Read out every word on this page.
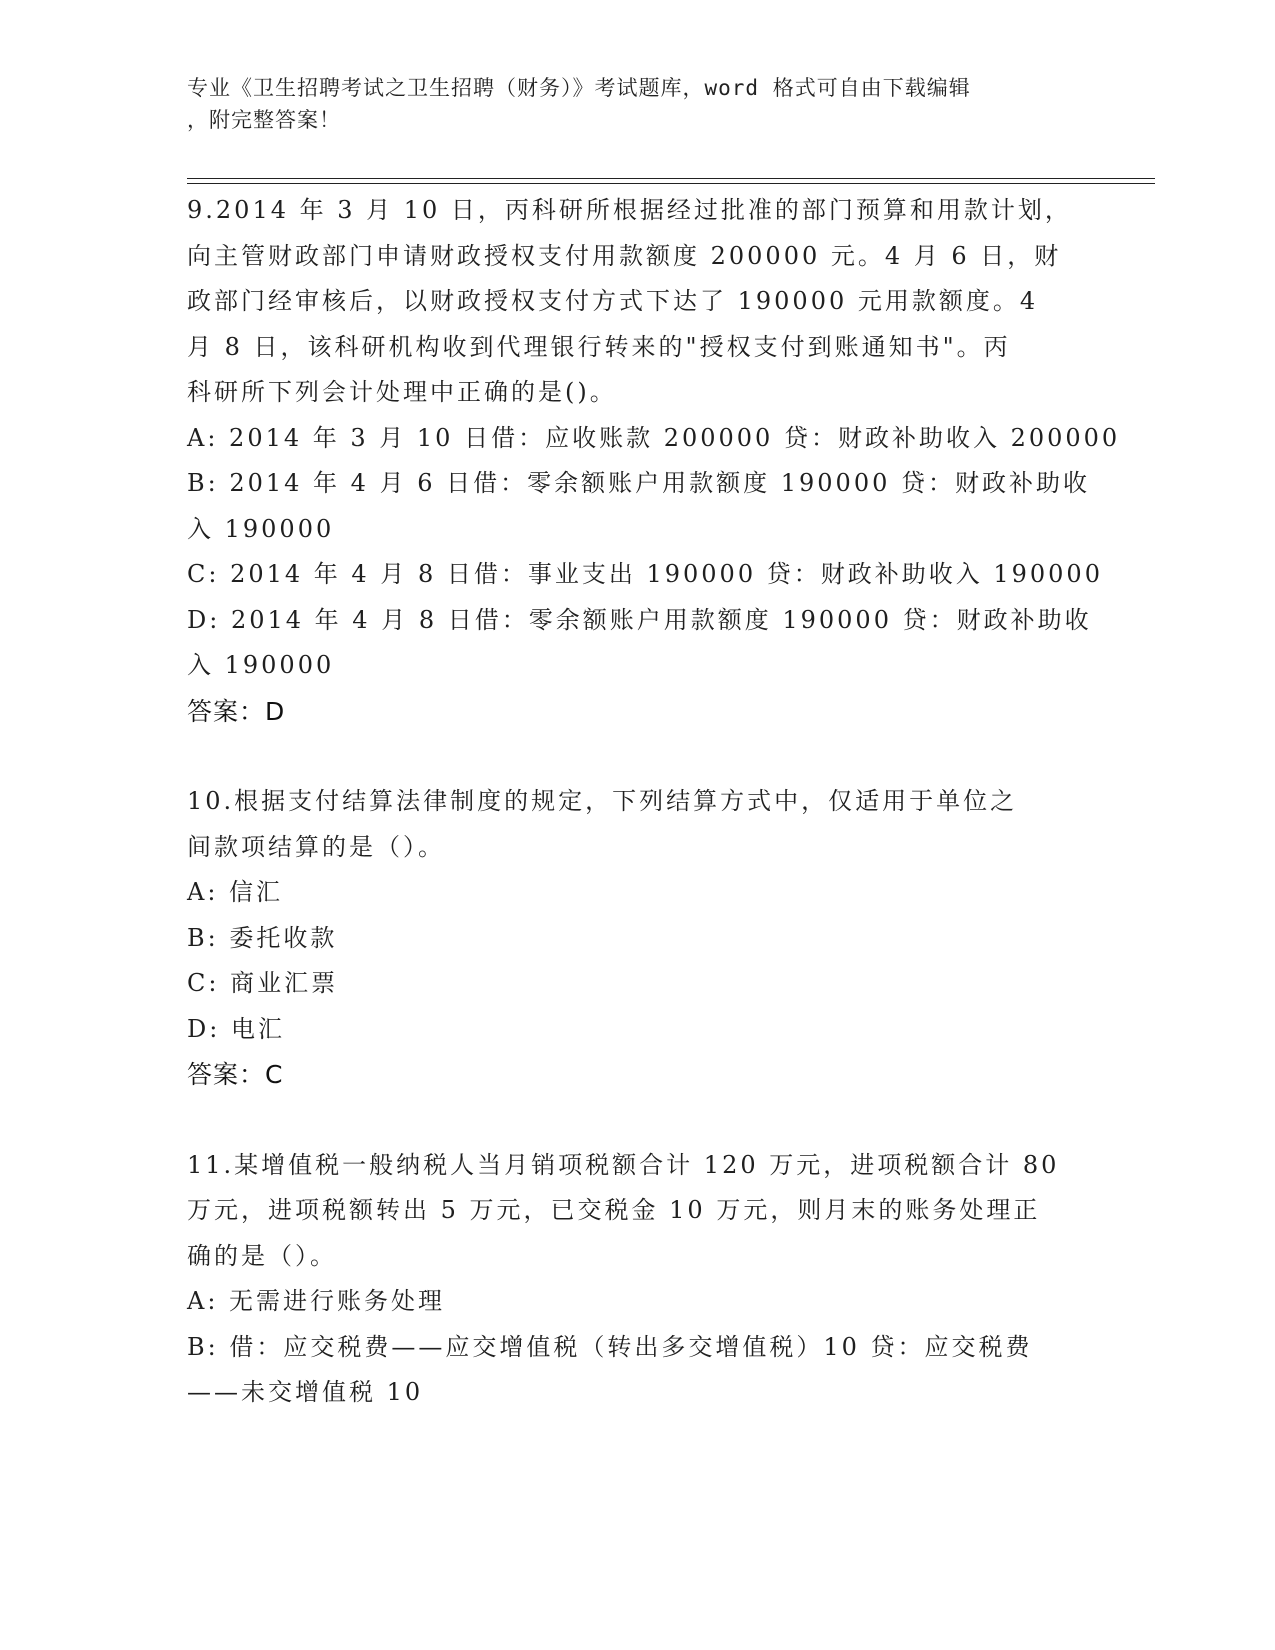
专业《卫生招聘考试之卫生招聘（财务）》考试题库，word 格式可自由下载编辑
，附完整答案！
9.2014 年 3 月 10 日，丙科研所根据经过批准的部门预算和用款计划，
向主管财政部门申请财政授权支付用款额度 200000 元。4 月 6 日，财
政部门经审核后，以财政授权支付方式下达了 190000 元用款额度。4
月 8 日，该科研机构收到代理银行转来的"授权支付到账通知书"。丙
科研所下列会计处理中正确的是()。
A: 2014 年 3 月 10 日借：应收账款 200000 贷：财政补助收入 200000
B: 2014 年 4 月 6 日借：零余额账户用款额度 190000 贷：财政补助收
入 190000
C: 2014 年 4 月 8 日借：事业支出 190000 贷：财政补助收入 190000
D: 2014 年 4 月 8 日借：零余额账户用款额度 190000 贷：财政补助收
入 190000
答案：D
10.根据支付结算法律制度的规定，下列结算方式中，仅适用于单位之
间款项结算的是（）。
A: 信汇
B: 委托收款
C: 商业汇票
D: 电汇
答案：C
11.某增值税一般纳税人当月销项税额合计 120 万元，进项税额合计 80
万元，进项税额转出 5 万元，已交税金 10 万元，则月末的账务处理正
确的是（）。
A: 无需进行账务处理
B: 借：应交税费——应交增值税（转出多交增值税）10 贷：应交税费
——未交增值税 10
